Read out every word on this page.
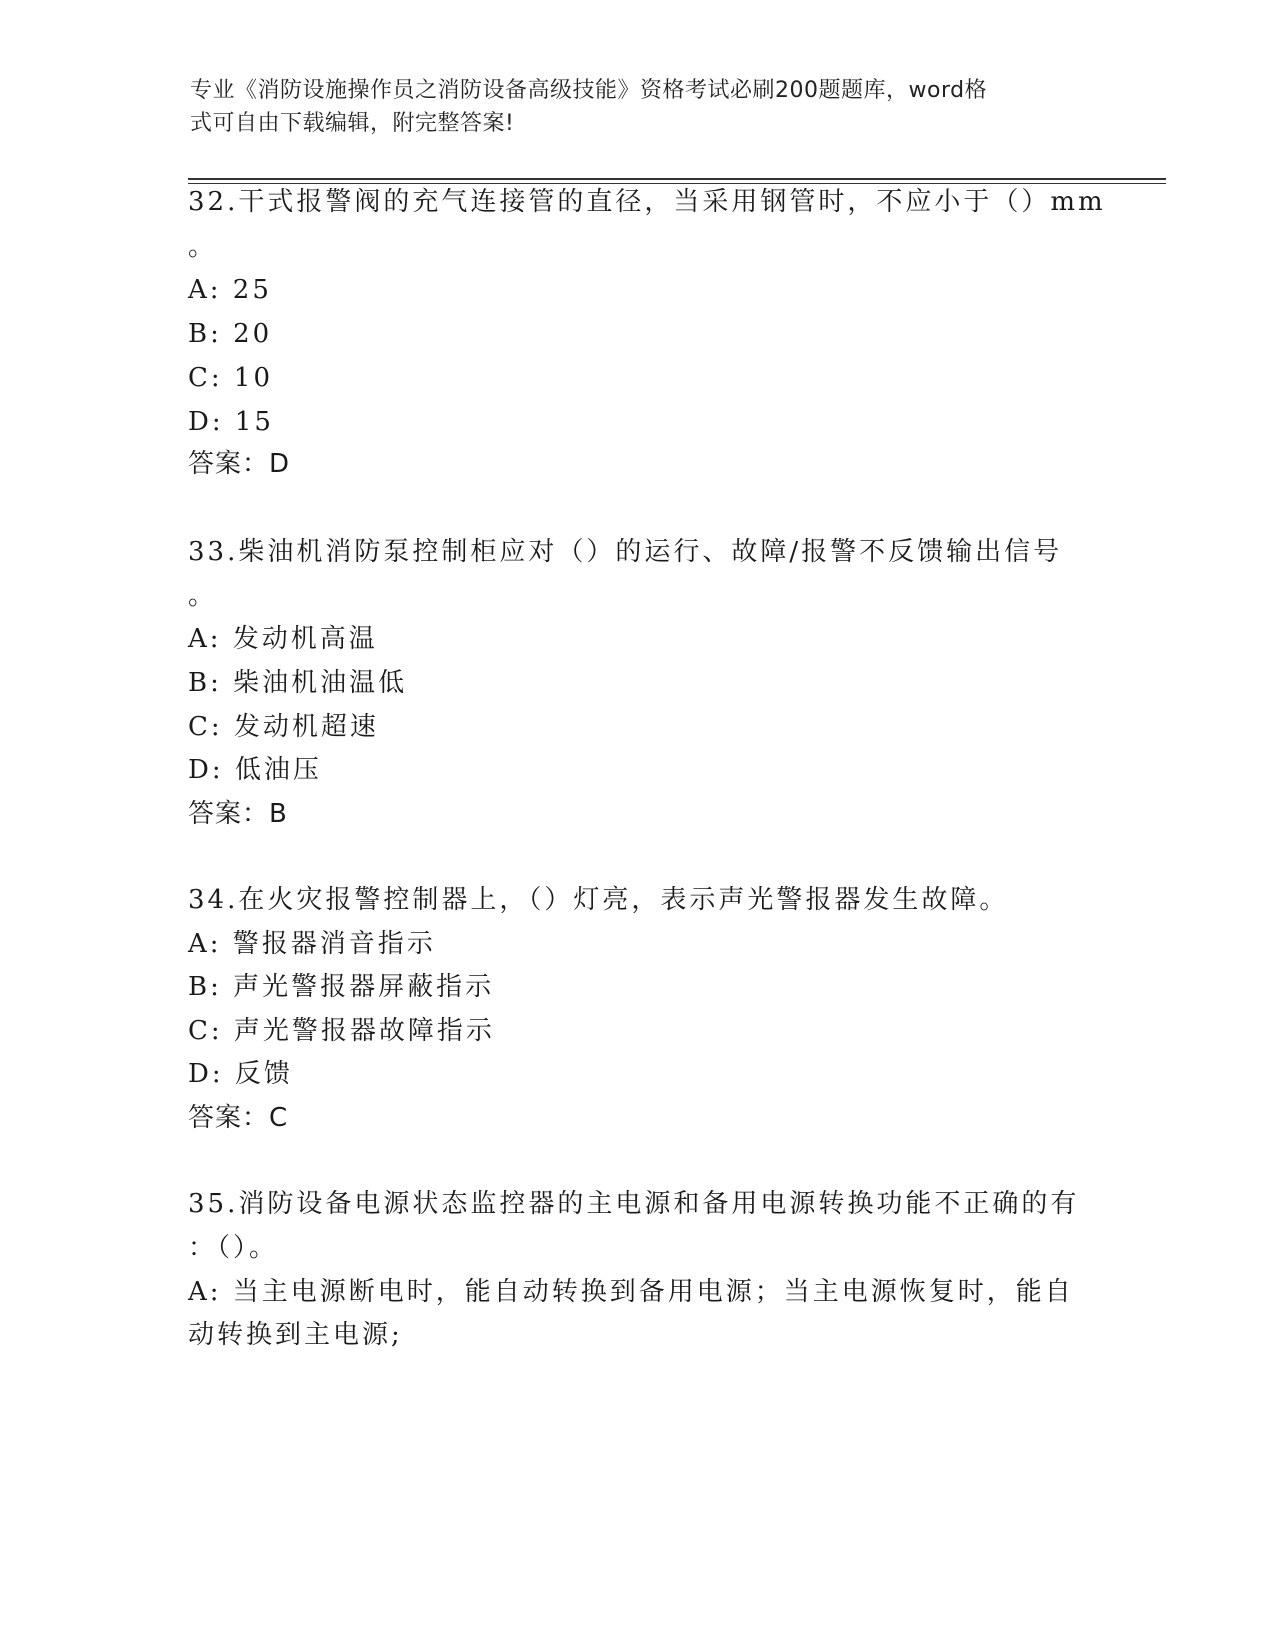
专业《消防设施操作员之消防设备高级技能》资格考试必刷200题题库，word格
式可自由下载编辑，附完整答案!
32.干式报警阀的充气连接管的直径，当采用钢管时，不应小于（）mm
。
A: 25
B: 20
C: 10
D: 15
答案：D
33.柴油机消防泵控制柜应对（）的运行、故障/报警不反馈输出信号
。
A: 发动机高温
B: 柴油机油温低
C: 发动机超速
D: 低油压
答案：B
34.在火灾报警控制器上，（）灯亮，表示声光警报器发生故障。
A: 警报器消音指示
B: 声光警报器屏蔽指示
C: 声光警报器故障指示
D: 反馈
答案：C
35.消防设备电源状态监控器的主电源和备用电源转换功能不正确的有
：（）。
A: 当主电源断电时，能自动转换到备用电源；当主电源恢复时，能自
动转换到主电源;
